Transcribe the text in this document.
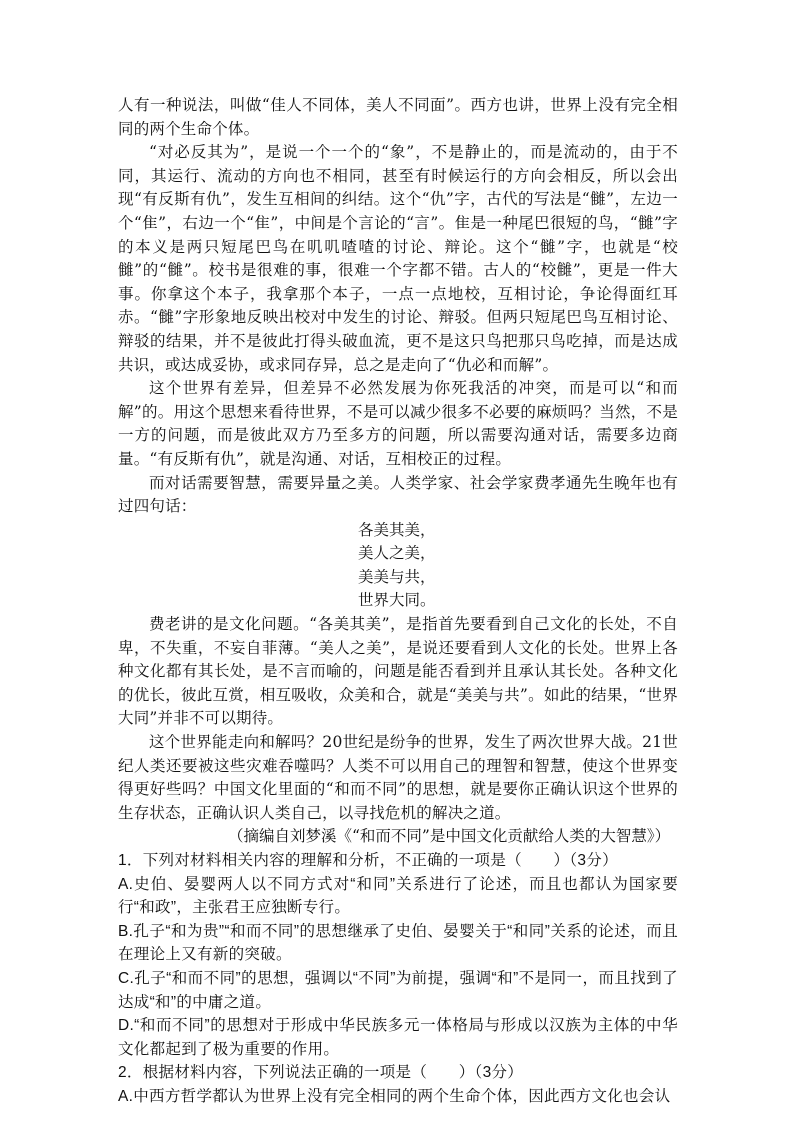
人有一种说法，叫做“佳人不同体，美人不同面”。西方也讲，世界上没有完全相同的两个生命个体。

“对必反其为”，是说一个一个的“象”，不是静止的，而是流动的，由于不同，其运行、流动的方向也不相同，甚至有时候运行的方向会相反，所以会出现“有反斯有仇”，发生互相间的纠结。这个“仇”字，古代的写法是“雠”，左边一个“隹”，右边一个“隹”，中间是个言论的“言”。隹是一种尾巴很短的鸟，“雠”字的本义是两只短尾巴鸟在叽叽喳喳的讨论、辩论。这个“雠”字，也就是“校雠”的“雠”。校书是很难的事，很难一个字都不错。古人的“校雠”，更是一件大事。你拿这个本子，我拿那个本子，一点一点地校，互相讨论，争论得面红耳赤。“雠”字形象地反映出校对中发生的讨论、辩驳。但两只短尾巴鸟互相讨论、辩驳的结果，并不是彼此打得头破血流，更不是这只鸟把那只鸟吃掉，而是达成共识，或达成妥协，或求同存异，总之是走向了“仇必和而解”。

这个世界有差异，但差异不必然发展为你死我活的冲突，而是可以“和而解”的。用这个思想来看待世界，不是可以减少很多不必要的麻烦吗？当然，不是一方的问题，而是彼此双方乃至多方的问题，所以需要沟通对话，需要多边商量。“有反斯有仇”，就是沟通、对话，互相校正的过程。

而对话需要智慧，需要异量之美。人类学家、社会学家费孝通先生晚年也有过四句话：

各美其美，

美人之美，

美美与共，

世界大同。

费老讲的是文化问题。“各美其美”，是指首先要看到自己文化的长处，不自卑，不失重，不妄自菲薄。“美人之美”，是说还要看到人文化的长处。世界上各种文化都有其长处，是不言而喻的，问题是能否看到并且承认其长处。各种文化的优长，彼此互赏，相互吸收，众美和合，就是“美美与共”。如此的结果，“世界大同”并非不可以期待。

这个世界能走向和解吗？20世纪是纷争的世界，发生了两次世界大战。21世纪人类还要被这些灾难吞噬吗？人类不可以用自己的理智和智慧，使这个世界变得更好些吗？中国文化里面的“和而不同”的思想，就是要你正确认识这个世界的生存状态，正确认识人类自己，以寻找危机的解决之道。

（摘编自刘梦溪《“和而不同”是中国文化贡献给人类的大智慧》）

1．下列对材料相关内容的理解和分析，不正确的一项是（　　）（3分）

A.史伯、晏婴两人以不同方式对“和同”关系进行了论述，而且也都认为国家要行“和政”，主张君王应独断专行。

B.孔子“和为贵”“和而不同”的思想继承了史伯、晏婴关于“和同”关系的论述，而且在理论上又有新的突破。

C.孔子“和而不同”的思想，强调以“不同”为前提，强调“和”不是同一，而且找到了达成“和”的中庸之道。

D.“和而不同”的思想对于形成中华民族多元一体格局与形成以汉族为主体的中华文化都起到了极为重要的作用。

2．根据材料内容，下列说法正确的一项是（　　）（3分）

A.中西方哲学都认为世界上没有完全相同的两个生命个体，因此西方文化也会认
